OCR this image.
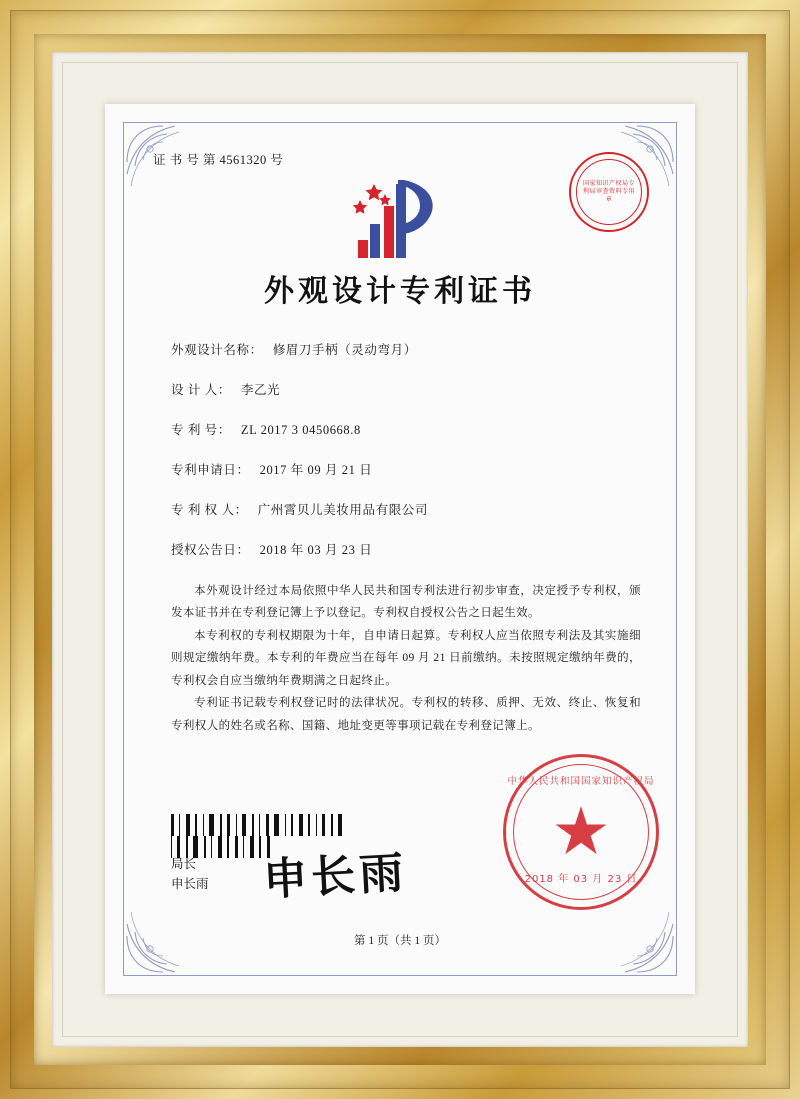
证 书 号 第 4561320 号
外观设计专利证书
外观设计名称： 修眉刀手柄（灵动弯月）
设 计 人： 李乙光
专 利 号： ZL 2017 3 0450668.8
专利申请日： 2017 年 09 月 21 日
专 利 权 人： 广州霄贝儿美妆用品有限公司
授权公告日： 2018 年 03 月 23 日

本外观设计经过本局依照中华人民共和国专利法进行初步审查，决定授予专利权，颁发本证书并在专利登记簿上予以登记。专利权自授权公告之日起生效。

本专利权的专利权期限为十年，自申请日起算。专利权人应当依照专利法及其实施细则规定缴纳年费。本专利的年费应当在每年 09 月 21 日前缴纳。未按照规定缴纳年费的，专利权会自应当缴纳年费期满之日起终止。

专利证书记载专利权登记时的法律状况。专利权的转移、质押、无效、终止、恢复和专利权人的姓名或名称、国籍、地址变更等事项记载在专利登记簿上。

局长
申长雨 申长雨
第 1 页（共 1 页）
国家知识产权局专利局审查资料专用章
中华人民共和国国家知识产权局
2018 年 03 月 23 日
